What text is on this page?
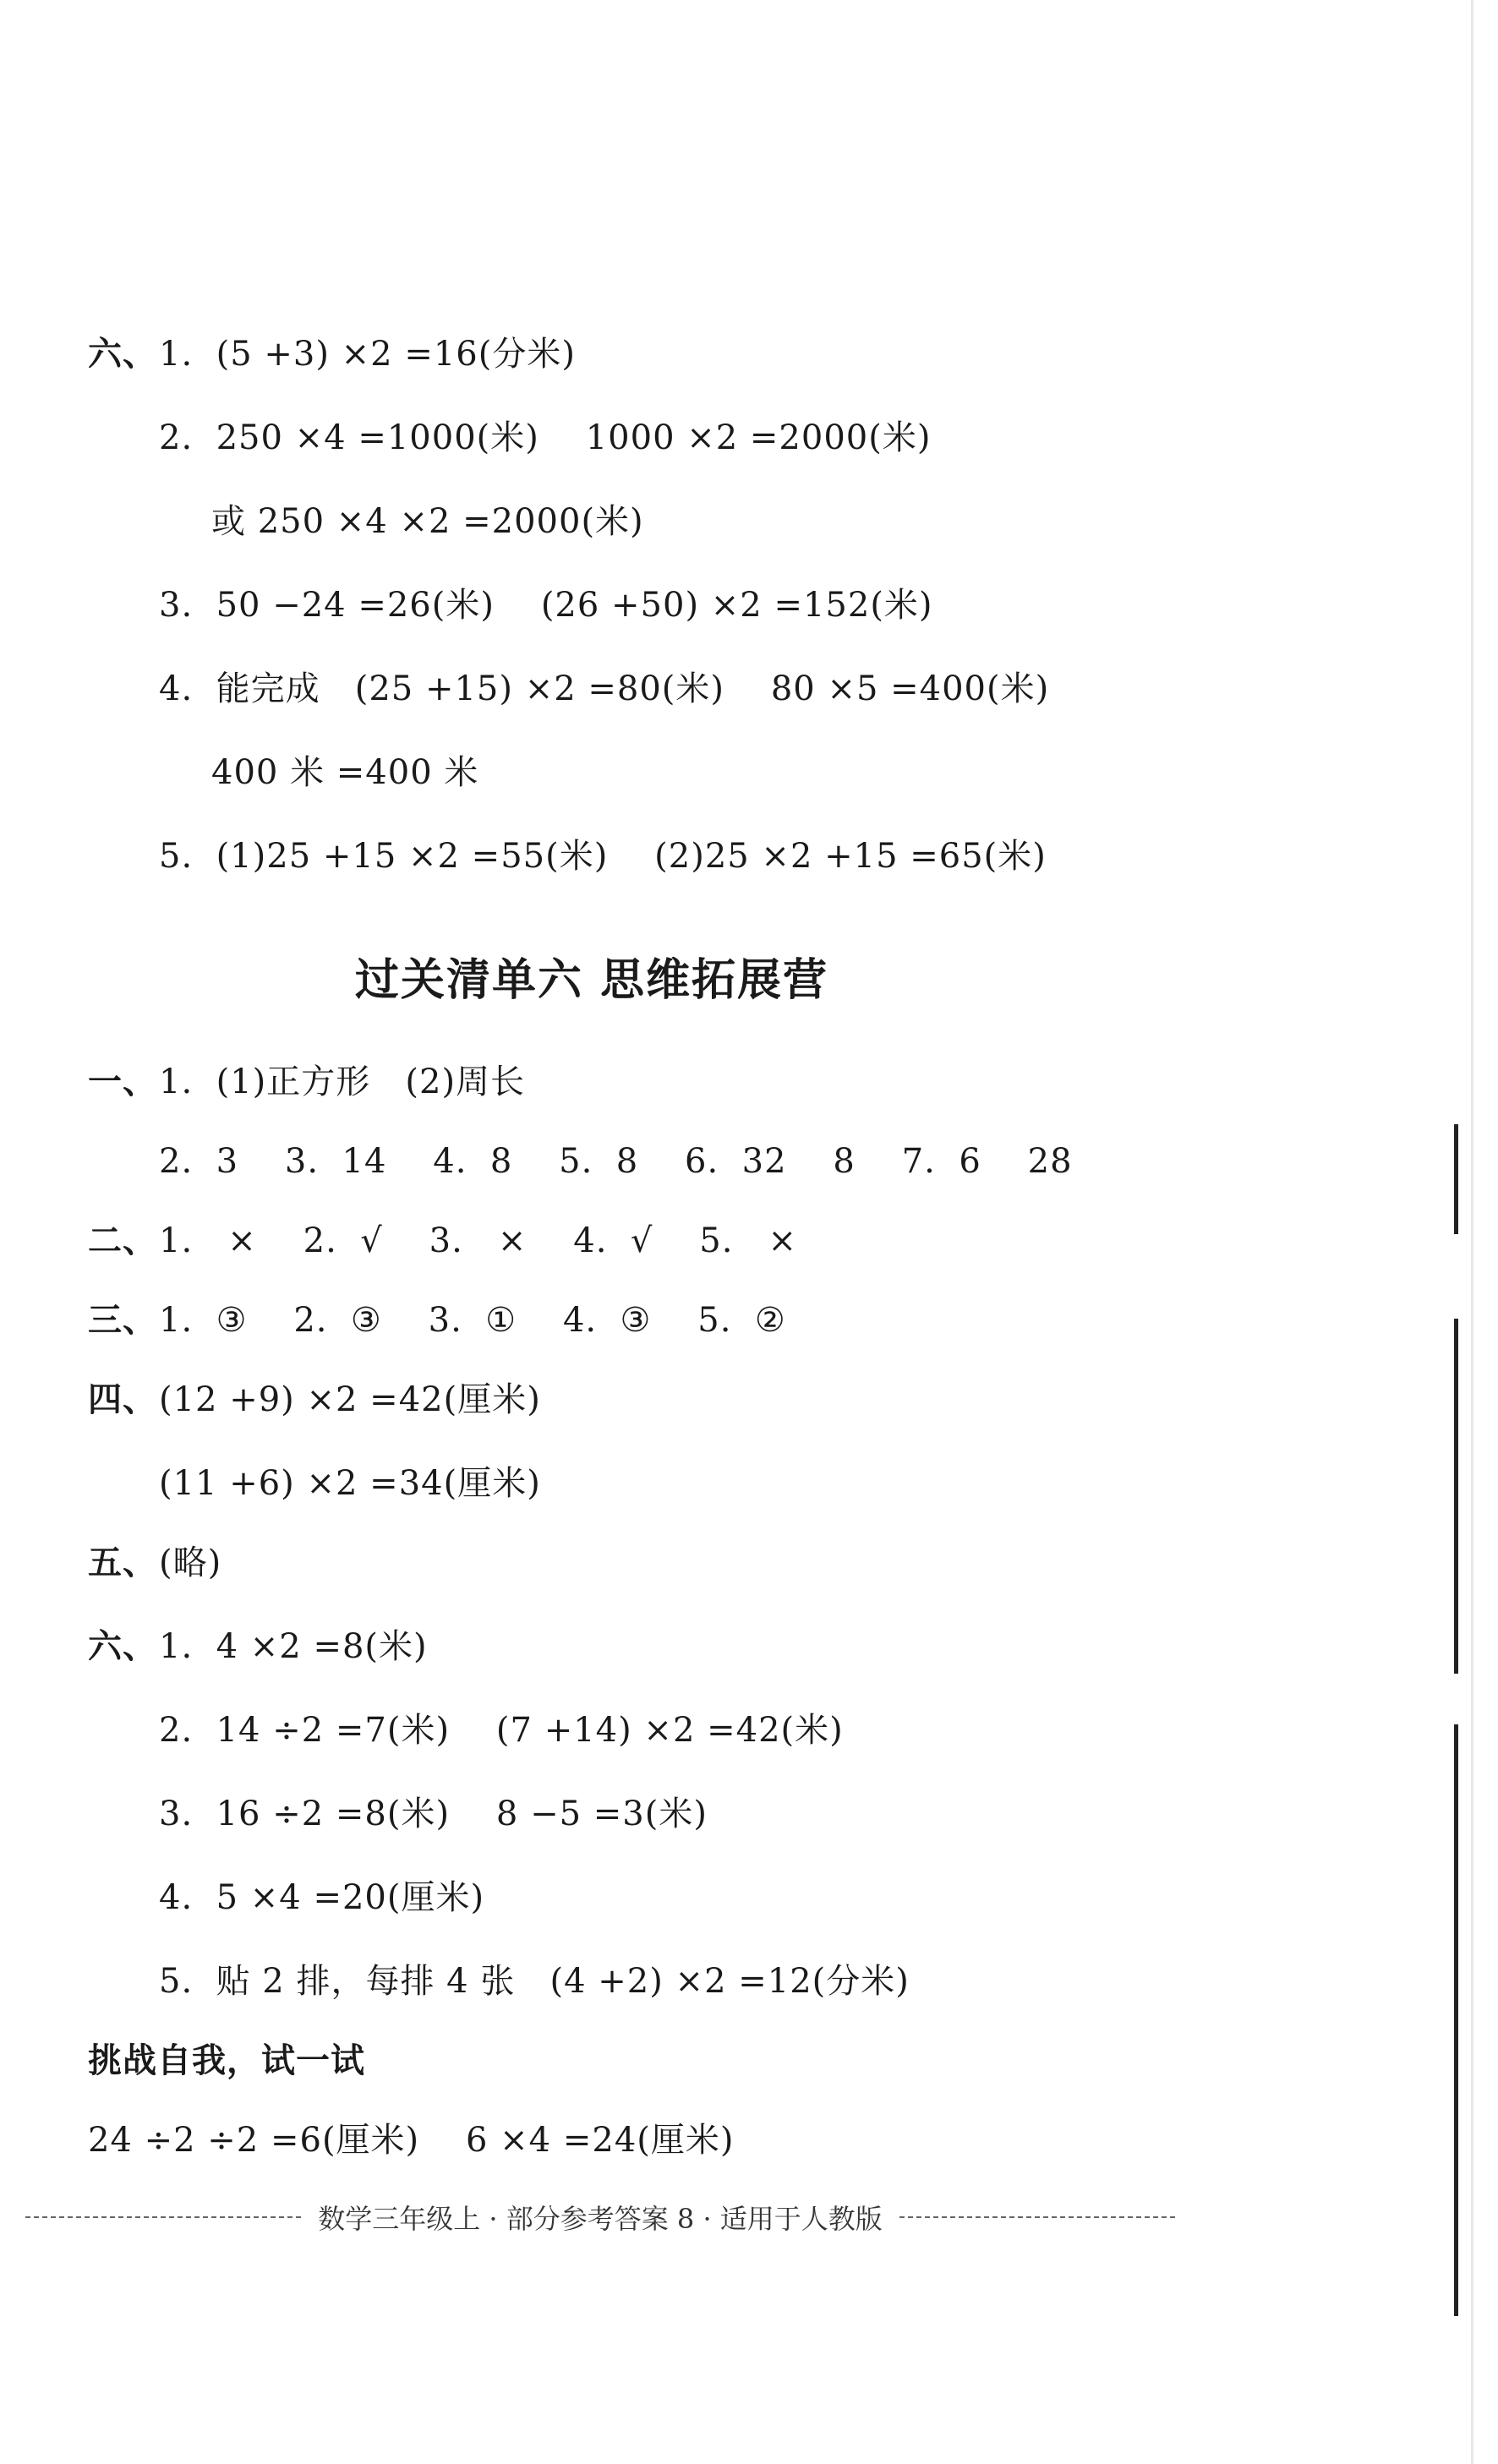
六、 1.  (5 +3) ×2 =16(分米)
2.  250 ×4 =1000(米)    1000 ×2 =2000(米)
或 250 ×4 ×2 =2000(米)
3.  50 −24 =26(米)    (26 +50) ×2 =152(米)
4.  能完成   (25 +15) ×2 =80(米)    80 ×5 =400(米)
400 米 =400 米
5.  (1)25 +15 ×2 =55(米)    (2)25 ×2 +15 =65(米)
过关清单六 思维拓展营
一、 1.  (1)正方形   (2)周长
2.  3    3.  14    4.  8    5.  8    6.  32    8    7.  6    28
二、 1.   ×    2.  √    3.   ×    4.  √    5.   ×
三、 1.  ③    2.  ③    3.  ①    4.  ③    5.  ②
四、 (12 +9) ×2 =42(厘米)
(11 +6) ×2 =34(厘米)
五、 (略)
六、 1.  4 ×2 =8(米)
2.  14 ÷2 =7(米)    (7 +14) ×2 =42(米)
3.  16 ÷2 =8(米)    8 −5 =3(米)
4.  5 ×4 =20(厘米)
5.  贴 2 排，每排 4 张   (4 +2) ×2 =12(分米)
挑战自我，试一试
24 ÷2 ÷2 =6(厘米)    6 ×4 =24(厘米)
数学三年级上 · 部分参考答案 8 · 适用于人教版
